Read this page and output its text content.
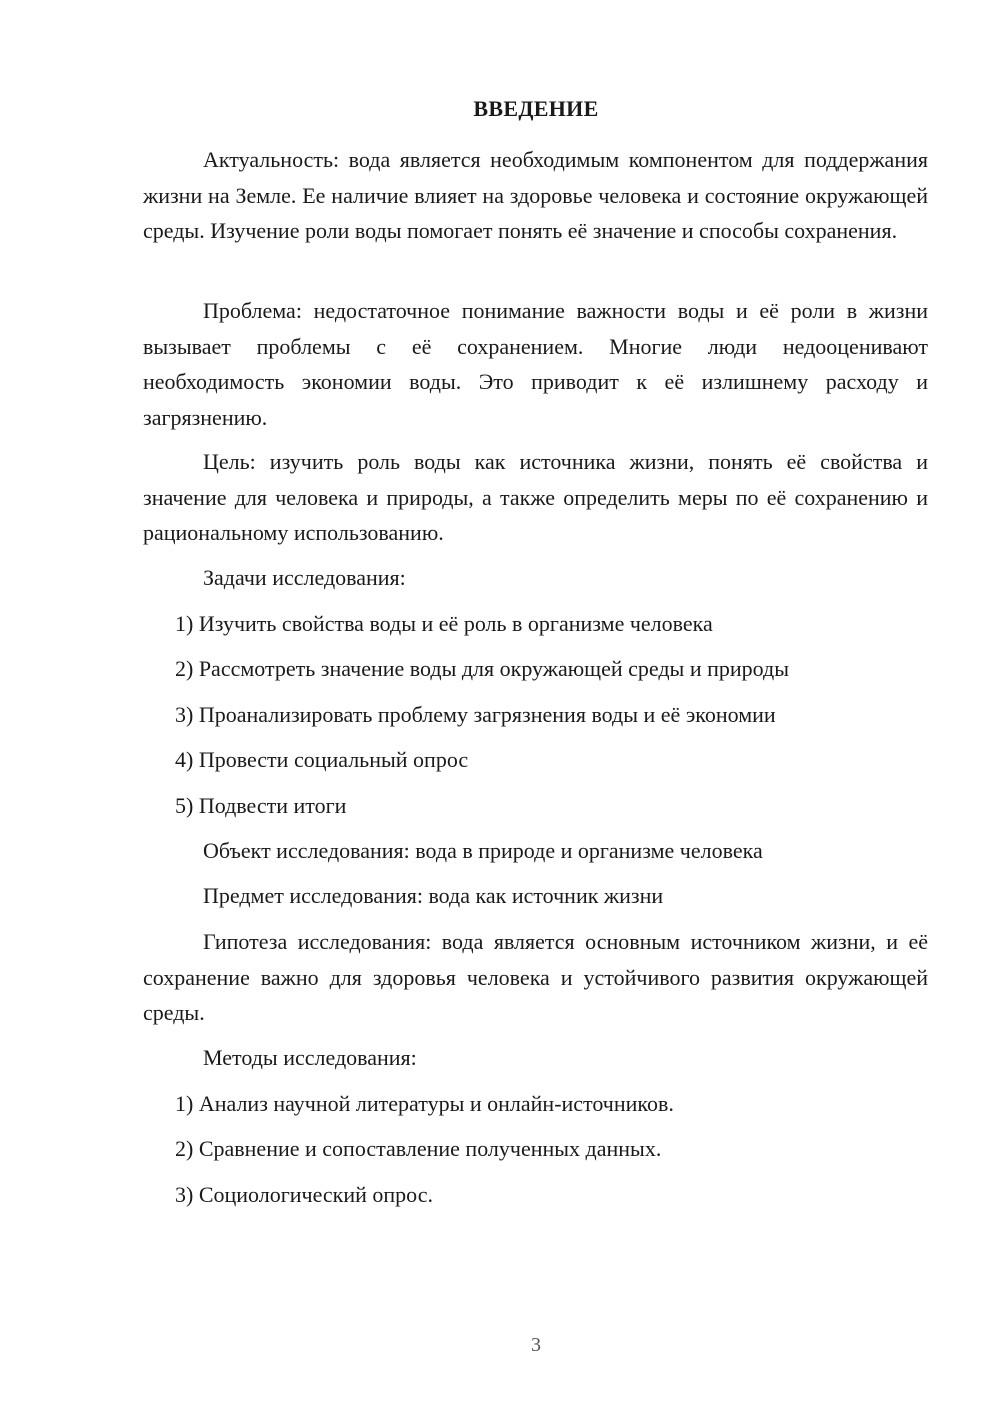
ВВЕДЕНИЕ

Актуальность: вода является необходимым компонентом для поддержания жизни на Земле. Ее наличие влияет на здоровье человека и состояние окружающей среды. Изучение роли воды помогает понять её значение и способы сохранения.

Проблема: недостаточное понимание важности воды и её роли в жизни вызывает проблемы с её сохранением. Многие люди недооценивают необходимость экономии воды. Это приводит к её излишнему расходу и загрязнению.

Цель: изучить роль воды как источника жизни, понять её свойства и значение для человека и природы, а также определить меры по её сохранению и рациональному использованию.

Задачи исследования:

1) Изучить свойства воды и её роль в организме человека

2) Рассмотреть значение воды для окружающей среды и природы

3) Проанализировать проблему загрязнения воды и её экономии

4) Провести социальный опрос

5) Подвести итоги

Объект исследования: вода в природе и организме человека

Предмет исследования: вода как источник жизни

Гипотеза исследования: вода является основным источником жизни, и её сохранение важно для здоровья человека и устойчивого развития окружающей среды.

Методы исследования:

1) Анализ научной литературы и онлайн-источников.

2) Сравнение и сопоставление полученных данных.

3) Социологический опрос.

3
